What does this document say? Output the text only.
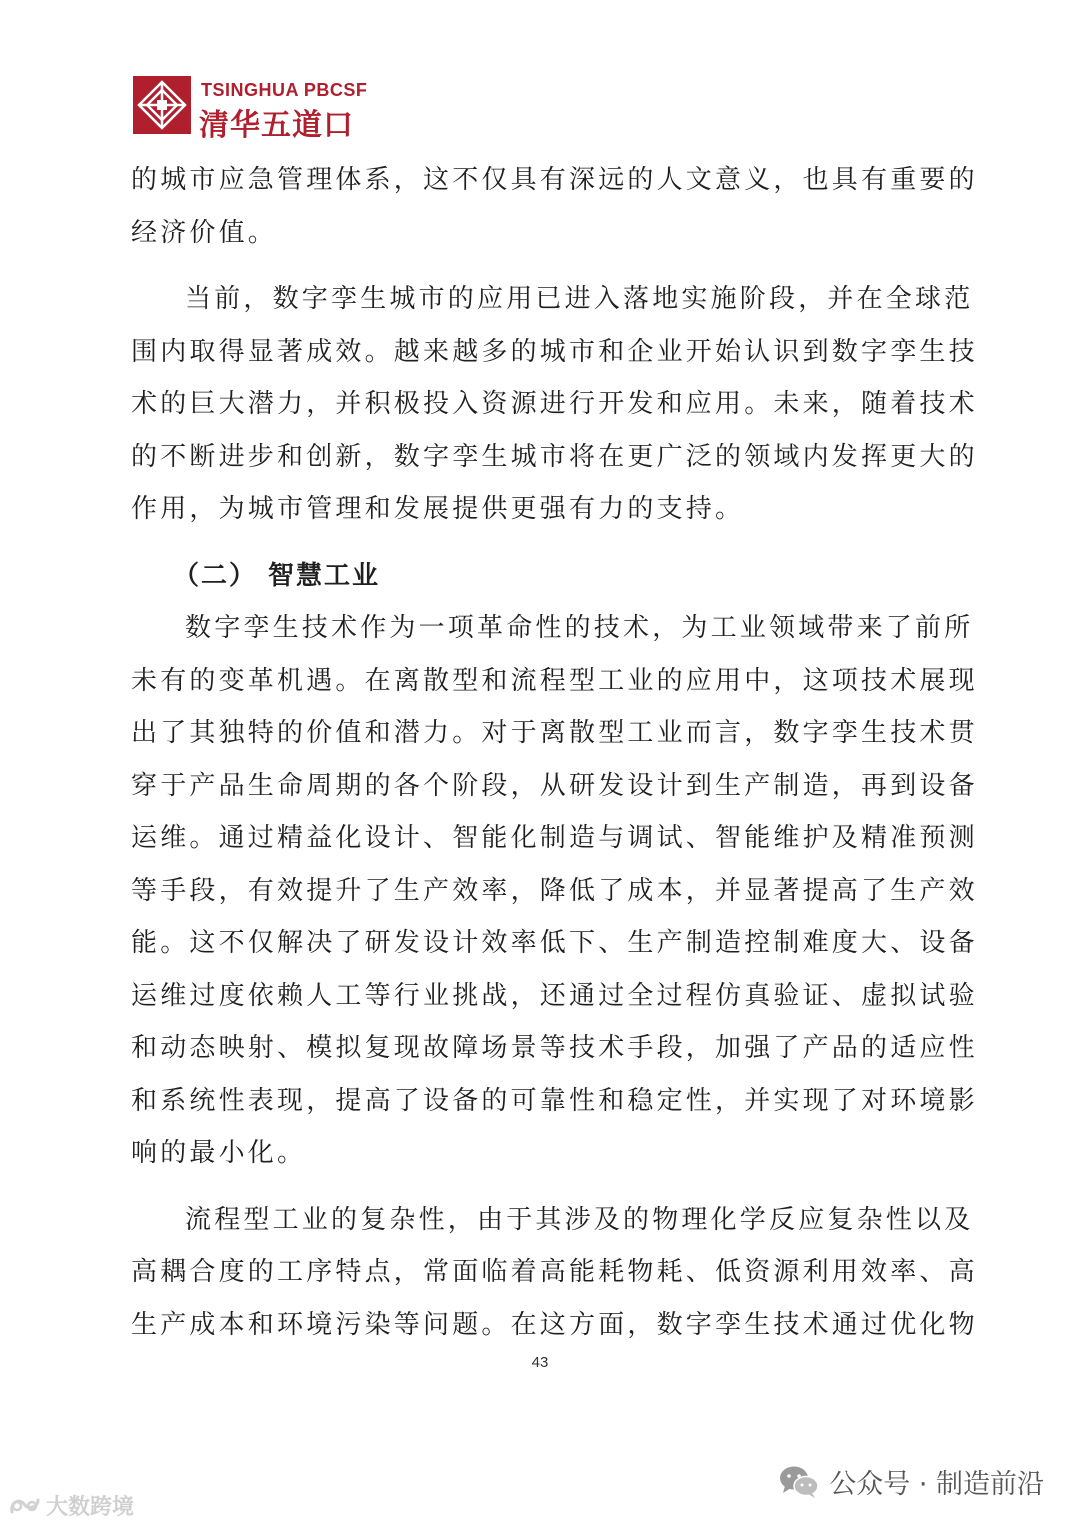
TSINGHUA PBCSF
清华五道口
的城市应急管理体系，这不仅具有深远的人文意义，也具有重要的
经济价值。
当前，数字孪生城市的应用已进入落地实施阶段，并在全球范
围内取得显著成效。越来越多的城市和企业开始认识到数字孪生技
术的巨大潜力，并积极投入资源进行开发和应用。未来，随着技术
的不断进步和创新，数字孪生城市将在更广泛的领域内发挥更大的
作用，为城市管理和发展提供更强有力的支持。
（二） 智慧工业
数字孪生技术作为一项革命性的技术，为工业领域带来了前所
未有的变革机遇。在离散型和流程型工业的应用中，这项技术展现
出了其独特的价值和潜力。对于离散型工业而言，数字孪生技术贯
穿于产品生命周期的各个阶段，从研发设计到生产制造，再到设备
运维。通过精益化设计、智能化制造与调试、智能维护及精准预测
等手段，有效提升了生产效率，降低了成本，并显著提高了生产效
能。这不仅解决了研发设计效率低下、生产制造控制难度大、设备
运维过度依赖人工等行业挑战，还通过全过程仿真验证、虚拟试验
和动态映射、模拟复现故障场景等技术手段，加强了产品的适应性
和系统性表现，提高了设备的可靠性和稳定性，并实现了对环境影
响的最小化。
流程型工业的复杂性，由于其涉及的物理化学反应复杂性以及
高耦合度的工序特点，常面临着高能耗物耗、低资源利用效率、高
生产成本和环境污染等问题。在这方面，数字孪生技术通过优化物
43
公众号 · 制造前沿
大数跨境
